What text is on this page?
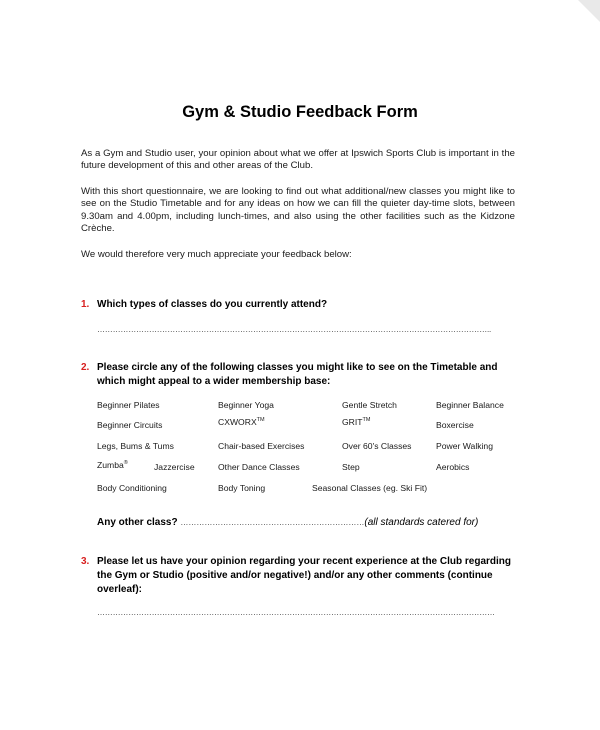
Gym & Studio Feedback Form

As a Gym and Studio user, your opinion about what we offer at Ipswich Sports Club is important in the future development of this and other areas of the Club.

With this short questionnaire, we are looking to find out what additional/new classes you might like to see on the Studio Timetable and for any ideas on how we can fill the quieter day-time slots, between 9.30am and 4.00pm, including lunch-times, and also using the other facilities such as the Kidzone Crèche.

We would therefore very much appreciate your feedback below:

1. Which types of classes do you currently attend?
……………………………………………………………………………………………………………………………………..
2. Please circle any of the following classes you might like to see on the Timetable and which might appeal to a wider membership base:
Beginner Pilates	Beginner Yoga	Gentle Stretch	Beginner Balance
Beginner Circuits	CXWORX™	GRIT™	Boxercise
Legs, Bums & Tums	Chair-based Exercises	Over 60's Classes	Power Walking
Zumba®	Jazzercise	Other Dance Classes	Step	Aerobics
Body Conditioning	Body Toning	Seasonal Classes (eg. Ski Fit)
Any other class? ……………………………………………………………(all standards catered for)
3. Please let us have your opinion regarding your recent experience at the Club regarding the Gym or Studio (positive and/or negative!) and/or any other comments (continue overleaf):
………………………………………………………………………………………………………………………………………
